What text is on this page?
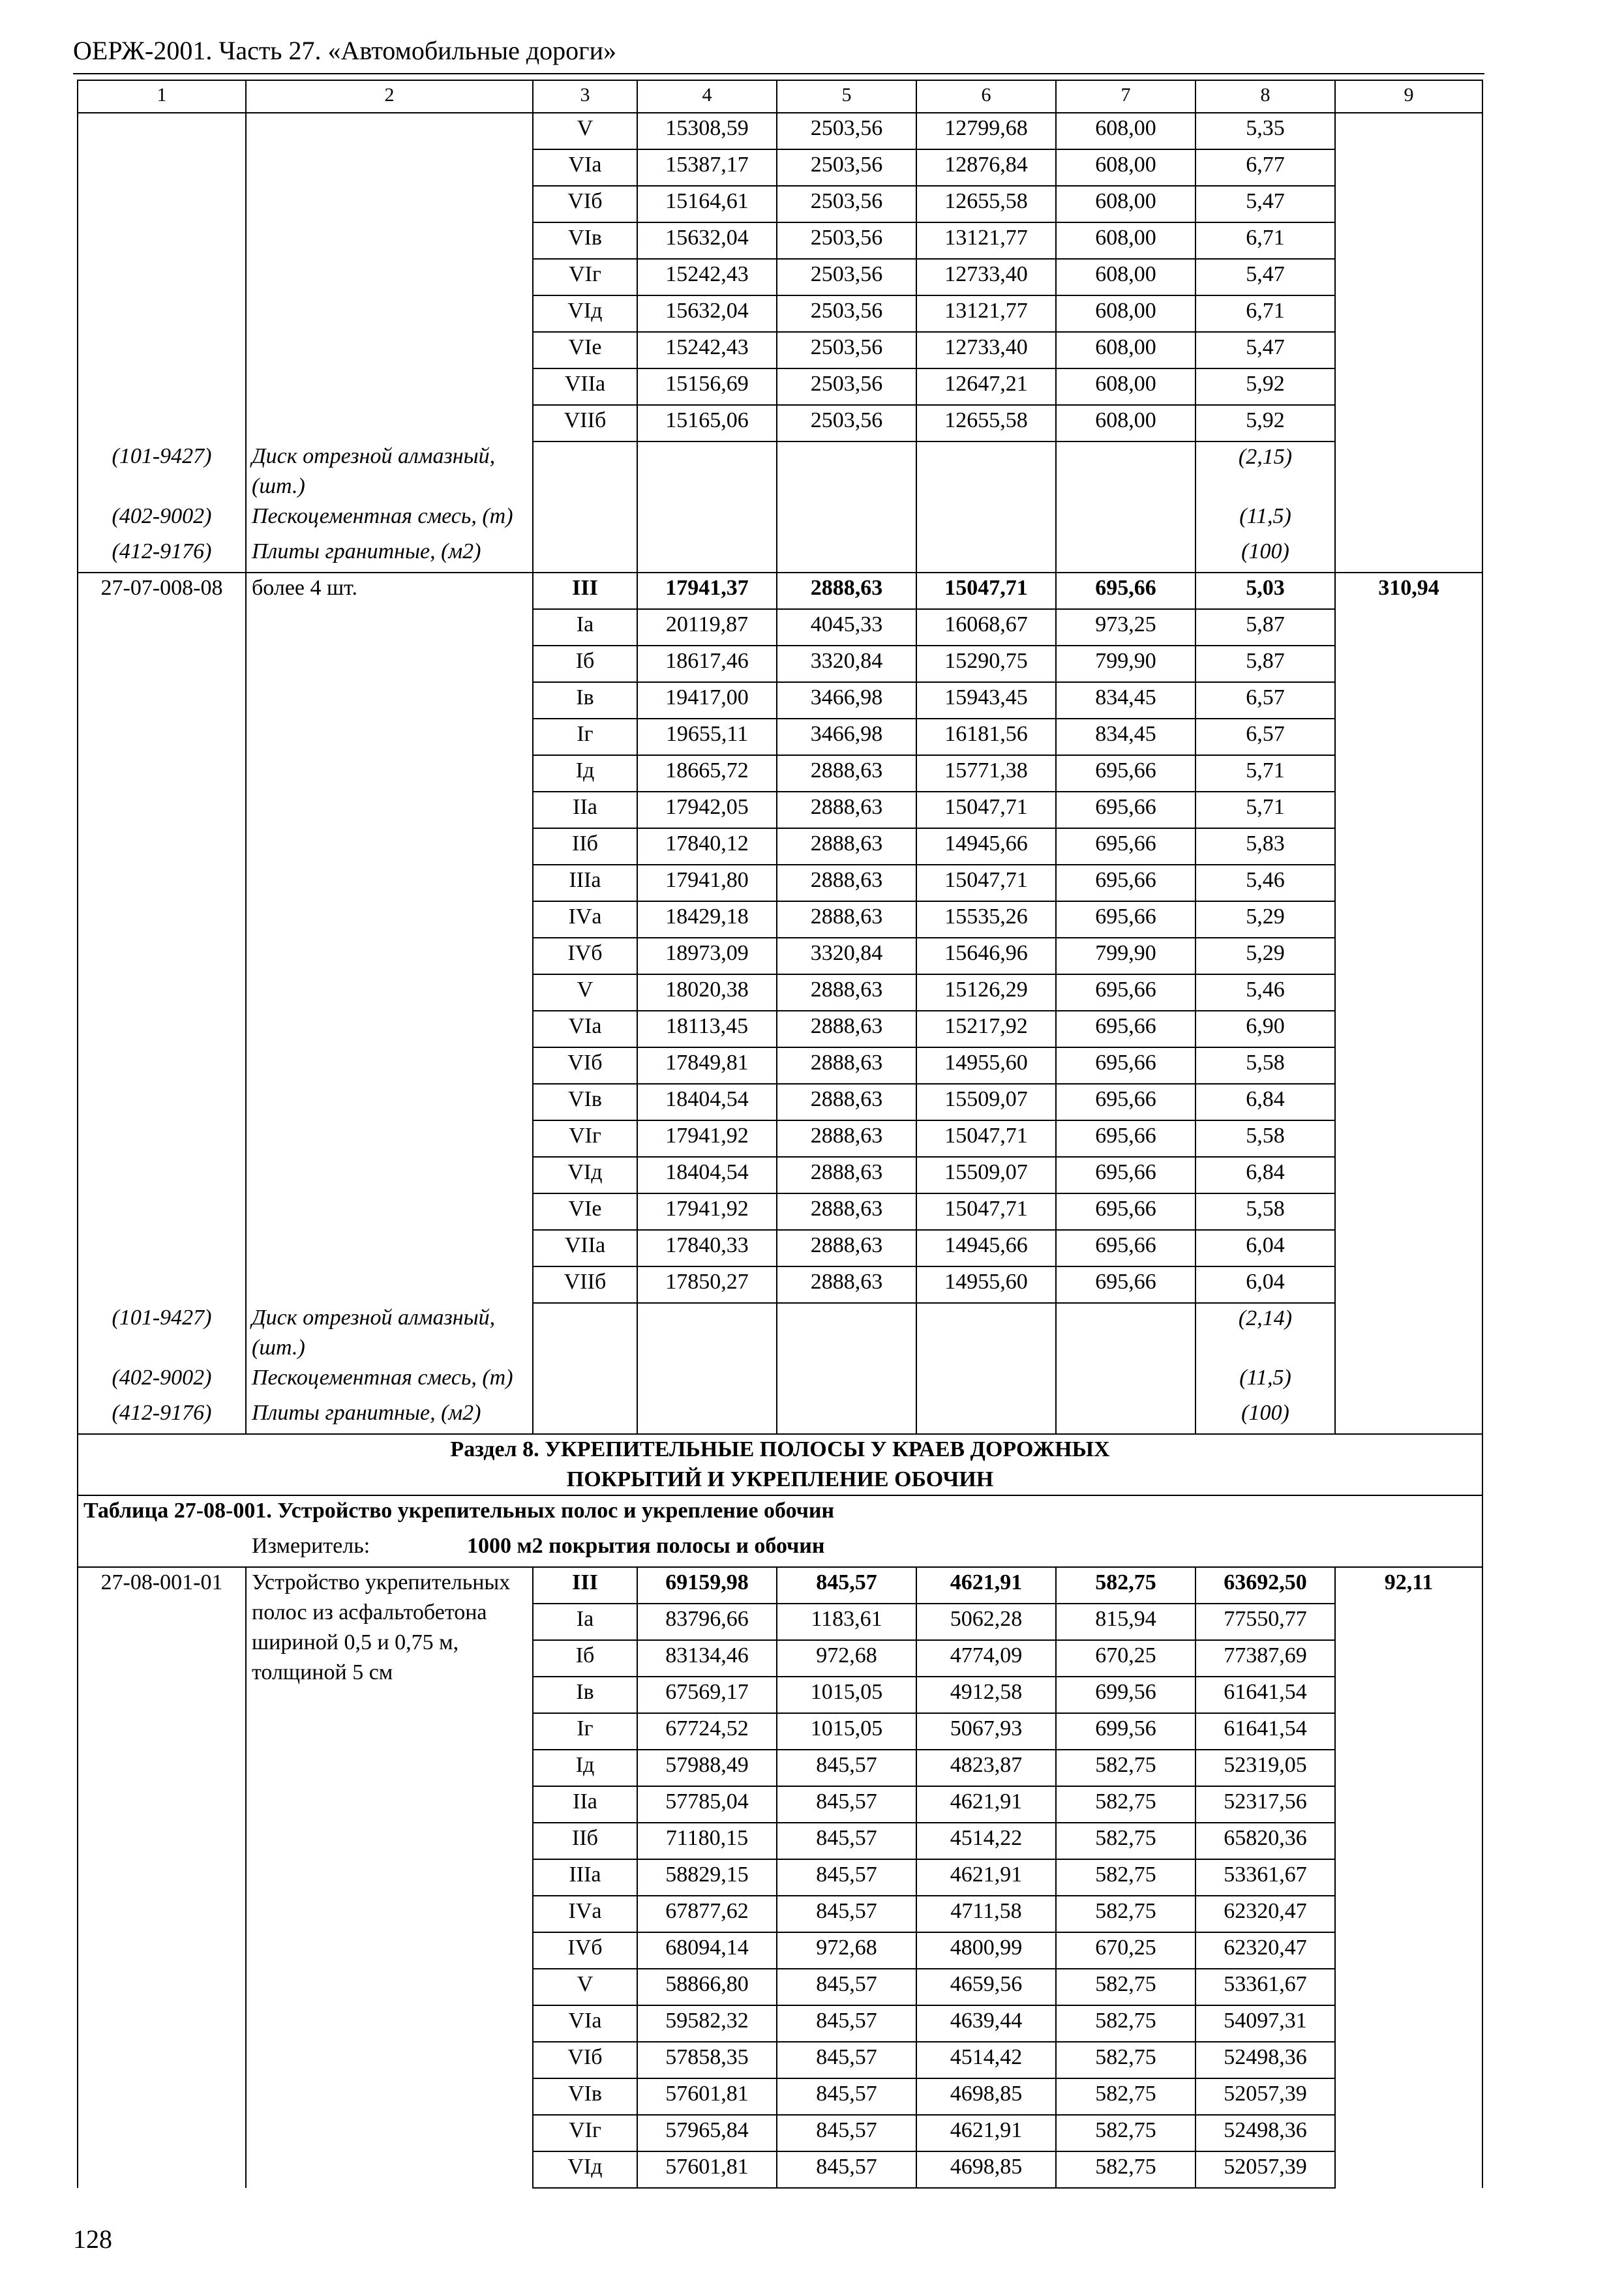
ОЕРЖ-2001. Часть 27. «Автомобильные дороги»
1	2	3	4	5	6	7	8	9
		V	15308,59	2503,56	12799,68	608,00	5,35	
		VIа	15387,17	2503,56	12876,84	608,00	6,77	
		VIб	15164,61	2503,56	12655,58	608,00	5,47	
		VIв	15632,04	2503,56	13121,77	608,00	6,71	
		VIг	15242,43	2503,56	12733,40	608,00	5,47	
		VIд	15632,04	2503,56	13121,77	608,00	6,71	
		VIе	15242,43	2503,56	12733,40	608,00	5,47	
		VIIа	15156,69	2503,56	12647,21	608,00	5,92	
		VIIб	15165,06	2503,56	12655,58	608,00	5,92	
(101-9427)	Диск отрезной алмазный, (шт.)						(2,15)	
(402-9002)	Пескоцементная смесь, (т)						(11,5)	
(412-9176)	Плиты гранитные, (м2)						(100)	
27-07-008-08	более 4 шт.	III	17941,37	2888,63	15047,71	695,66	5,03	310,94
		Iа	20119,87	4045,33	16068,67	973,25	5,87	
		Iб	18617,46	3320,84	15290,75	799,90	5,87	
		Iв	19417,00	3466,98	15943,45	834,45	6,57	
		Iг	19655,11	3466,98	16181,56	834,45	6,57	
		Iд	18665,72	2888,63	15771,38	695,66	5,71	
		IIа	17942,05	2888,63	15047,71	695,66	5,71	
		IIб	17840,12	2888,63	14945,66	695,66	5,83	
		IIIа	17941,80	2888,63	15047,71	695,66	5,46	
		IVа	18429,18	2888,63	15535,26	695,66	5,29	
		IVб	18973,09	3320,84	15646,96	799,90	5,29	
		V	18020,38	2888,63	15126,29	695,66	5,46	
		VIа	18113,45	2888,63	15217,92	695,66	6,90	
		VIб	17849,81	2888,63	14955,60	695,66	5,58	
		VIв	18404,54	2888,63	15509,07	695,66	6,84	
		VIг	17941,92	2888,63	15047,71	695,66	5,58	
		VIд	18404,54	2888,63	15509,07	695,66	6,84	
		VIе	17941,92	2888,63	15047,71	695,66	5,58	
		VIIа	17840,33	2888,63	14945,66	695,66	6,04	
		VIIб	17850,27	2888,63	14955,60	695,66	6,04	
(101-9427)	Диск отрезной алмазный, (шт.)						(2,14)	
(402-9002)	Пескоцементная смесь, (т)						(11,5)	
(412-9176)	Плиты гранитные, (м2)						(100)	

Раздел 8. УКРЕПИТЕЛЬНЫЕ ПОЛОСЫ У КРАЕВ ДОРОЖНЫХ
ПОКРЫТИЙ И УКРЕПЛЕНИЕ ОБОЧИН								

Таблица 27-08-001. Устройство укрепительных полос и укрепление обочин								
Измеритель: 1000 м2 покрытия полосы и обочин								
27-08-001-01	Устройство укрепительных полос из асфальтобетона шириной 0,5 и 0,75 м, толщиной 5 см	III	69159,98	845,57	4621,91	582,75	63692,50	92,11
		Iа	83796,66	1183,61	5062,28	815,94	77550,77	
		Iб	83134,46	972,68	4774,09	670,25	77387,69	
		Iв	67569,17	1015,05	4912,58	699,56	61641,54	
		Iг	67724,52	1015,05	5067,93	699,56	61641,54	
		Iд	57988,49	845,57	4823,87	582,75	52319,05	
		IIа	57785,04	845,57	4621,91	582,75	52317,56	
		IIб	71180,15	845,57	4514,22	582,75	65820,36	
		IIIа	58829,15	845,57	4621,91	582,75	53361,67	
		IVа	67877,62	845,57	4711,58	582,75	62320,47	
		IVб	68094,14	972,68	4800,99	670,25	62320,47	
		V	58866,80	845,57	4659,56	582,75	53361,67	
		VIа	59582,32	845,57	4639,44	582,75	54097,31	
		VIб	57858,35	845,57	4514,42	582,75	52498,36	
		VIв	57601,81	845,57	4698,85	582,75	52057,39	
		VIг	57965,84	845,57	4621,91	582,75	52498,36	
		VIд	57601,81	845,57	4698,85	582,75	52057,39	
128
